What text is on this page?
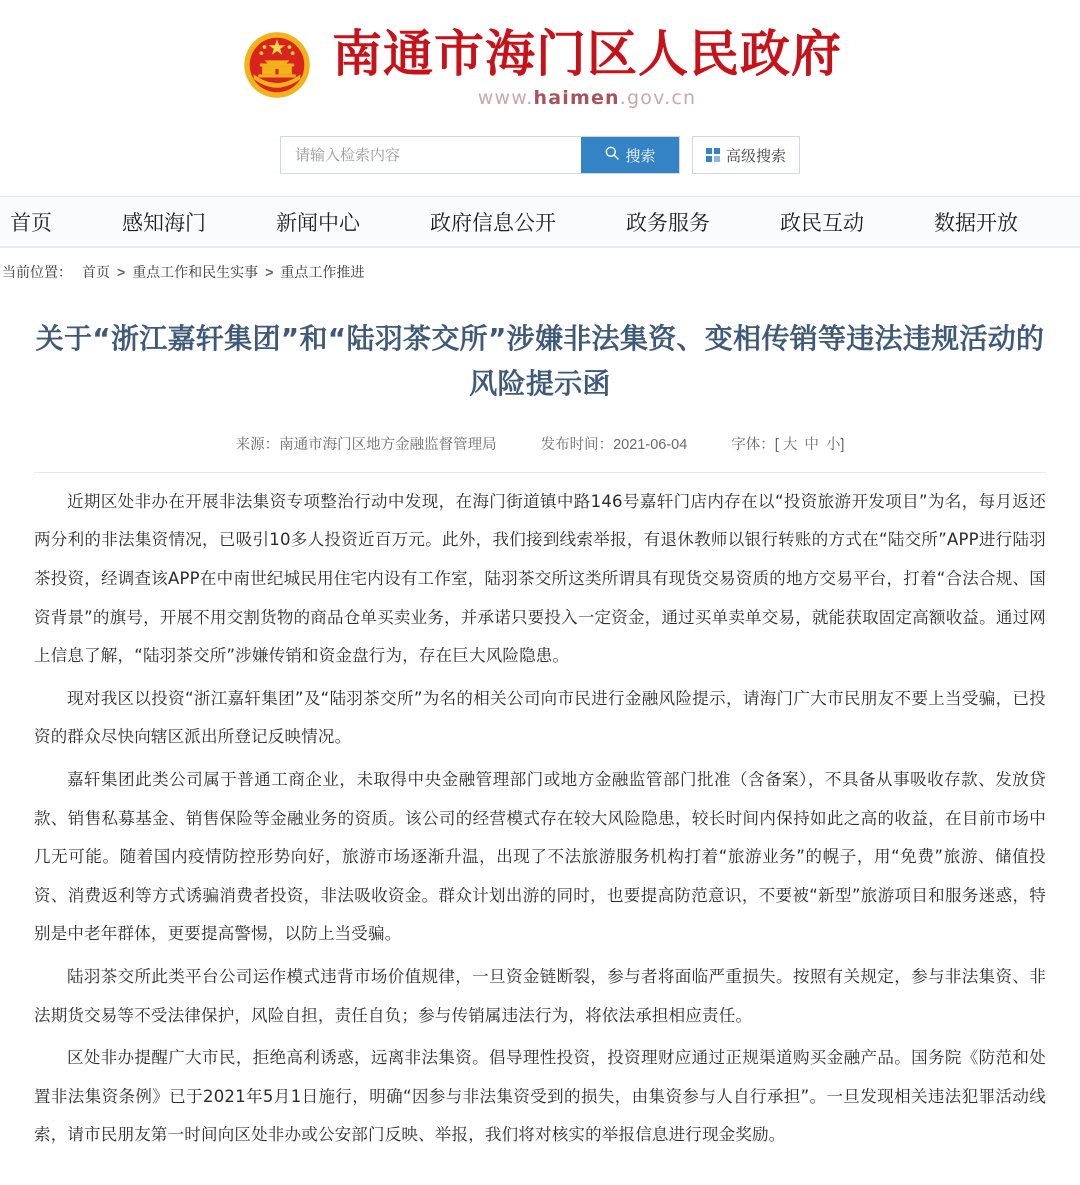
南通市海门区人民政府
www.haimen.gov.cn
请输入检索内容
搜索	高级搜索
首页	感知海门	新闻中心	政府信息公开	政务服务	政民互动	数据开放
当前位置： 首页 > 重点工作和民生实事 > 重点工作推进
关于“浙江嘉轩集团”和“陆羽茶交所”涉嫌非法集资、变相传销等违法违规活动的风险提示函
来源：南通市海门区地方金融监督管理局	发布时间：2021-06-04	字体：[ 大 中 小 ]

近期区处非办在开展非法集资专项整治行动中发现，在海门街道镇中路146号嘉轩门店内存在以“投资旅游开发项目”为名，每月返还两分利的非法集资情况，已吸引10多人投资近百万元。此外，我们接到线索举报，有退休教师以银行转账的方式在“陆交所”APP进行陆羽茶投资，经调查该APP在中南世纪城民用住宅内设有工作室，陆羽茶交所这类所谓具有现货交易资质的地方交易平台，打着“合法合规、国资背景”的旗号，开展不用交割货物的商品仓单买卖业务，并承诺只要投入一定资金，通过买单卖单交易，就能获取固定高额收益。通过网上信息了解，“陆羽茶交所”涉嫌传销和资金盘行为，存在巨大风险隐患。

现对我区以投资“浙江嘉轩集团”及“陆羽茶交所”为名的相关公司向市民进行金融风险提示，请海门广大市民朋友不要上当受骗，已投资的群众尽快向辖区派出所登记反映情况。

嘉轩集团此类公司属于普通工商企业，未取得中央金融管理部门或地方金融监管部门批准（含备案），不具备从事吸收存款、发放贷款、销售私募基金、销售保险等金融业务的资质。该公司的经营模式存在较大风险隐患，较长时间内保持如此之高的收益，在目前市场中几无可能。随着国内疫情防控形势向好，旅游市场逐渐升温，出现了不法旅游服务机构打着“旅游业务”的幌子，用“免费”旅游、储值投资、消费返利等方式诱骗消费者投资，非法吸收资金。群众计划出游的同时，也要提高防范意识，不要被“新型”旅游项目和服务迷惑，特别是中老年群体，更要提高警惕，以防上当受骗。

陆羽茶交所此类平台公司运作模式违背市场价值规律，一旦资金链断裂，参与者将面临严重损失。按照有关规定，参与非法集资、非法期货交易等不受法律保护，风险自担，责任自负；参与传销属违法行为，将依法承担相应责任。

区处非办提醒广大市民，拒绝高利诱惑，远离非法集资。倡导理性投资，投资理财应通过正规渠道购买金融产品。国务院《防范和处置非法集资条例》已于2021年5月1日施行，明确“因参与非法集资受到的损失，由集资参与人自行承担”。一旦发现相关违法犯罪活动线索，请市民朋友第一时间向区处非办或公安部门反映、举报，我们将对核实的举报信息进行现金奖励。
